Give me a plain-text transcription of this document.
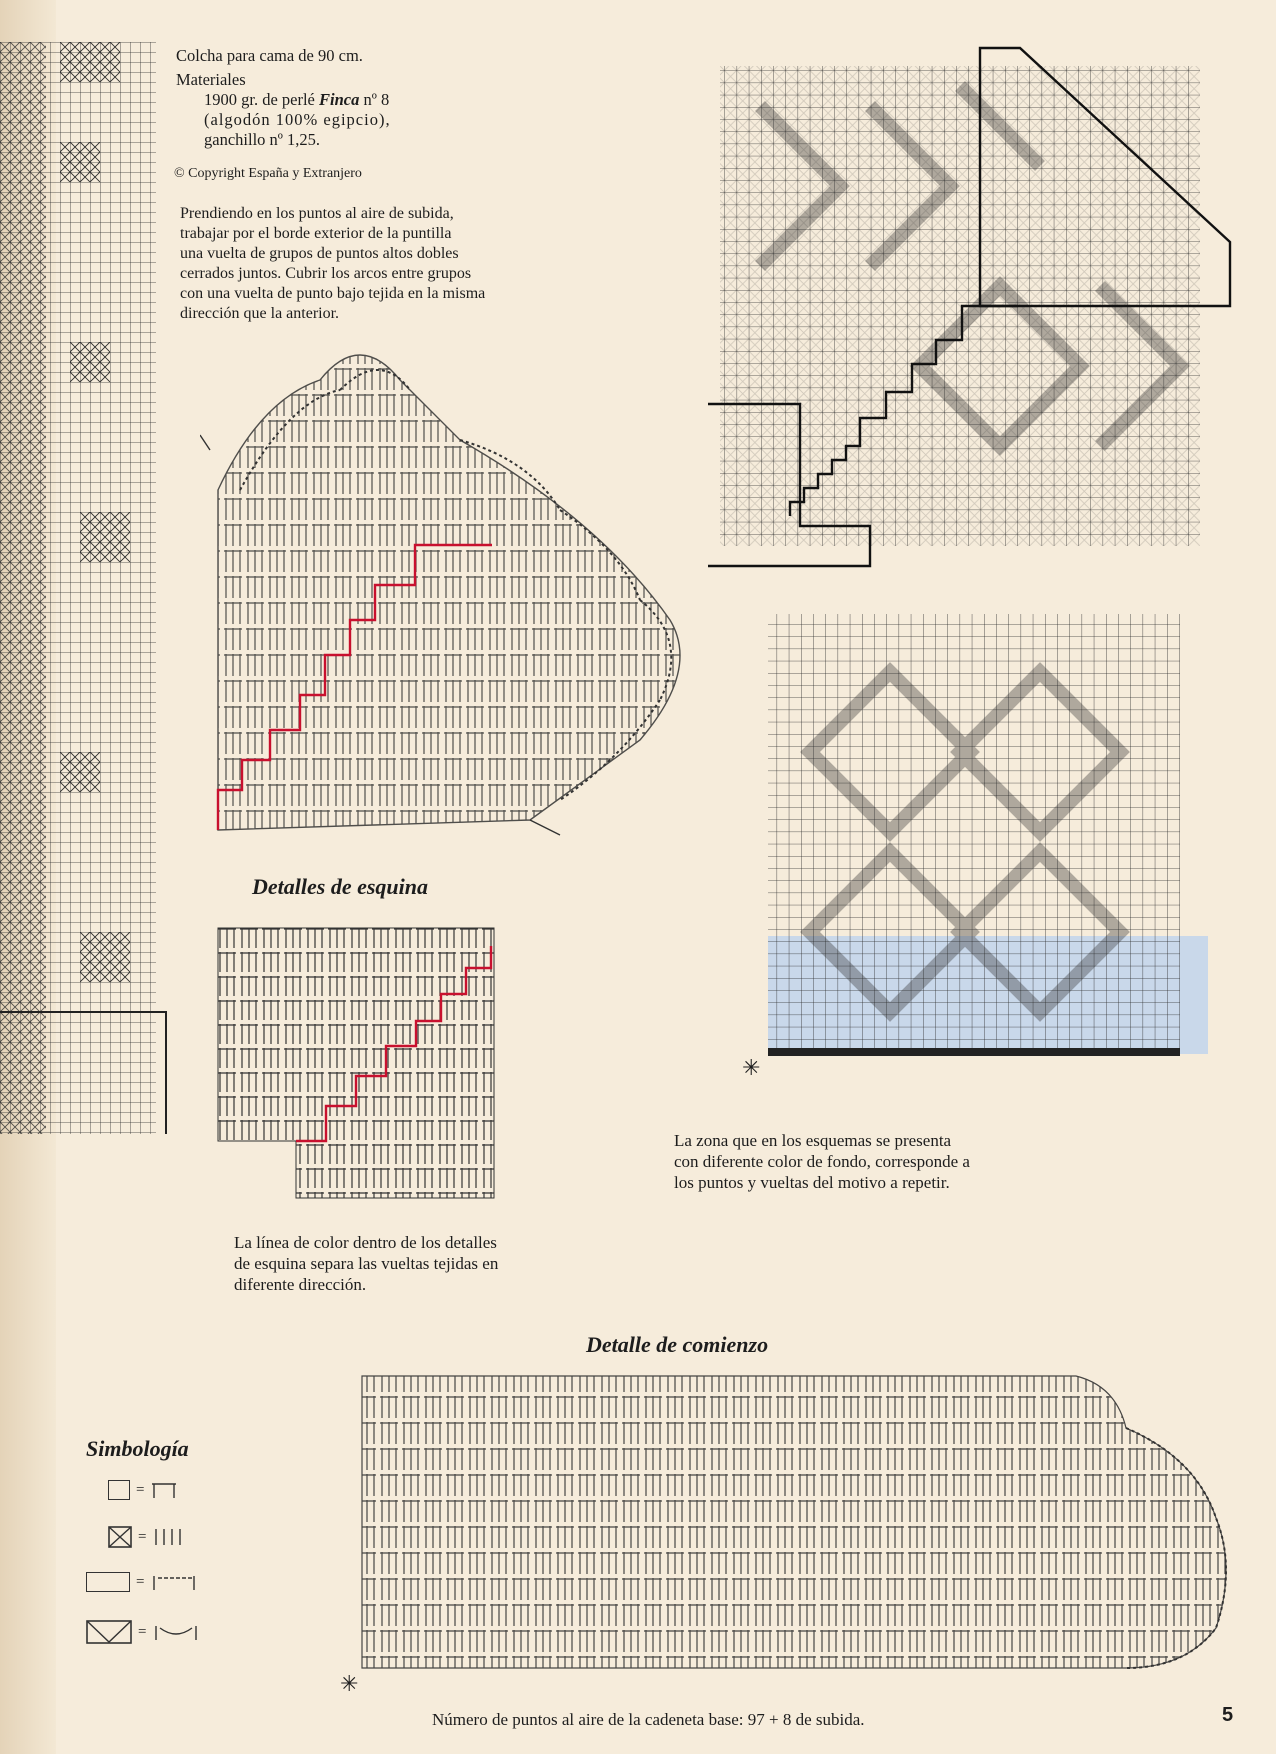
Colcha para cama de 90 cm.
Materiales
1900 gr. de perlé Finca nº 8
(algodón 100% egipcio),
ganchillo nº 1,25.
© Copyright España y Extranjero
Prendiendo en los puntos al aire de subida,
trabajar por el borde exterior de la puntilla
una vuelta de grupos de puntos altos dobles
cerrados juntos. Cubrir los arcos entre grupos
con una vuelta de punto bajo tejida en la misma
dirección que la anterior.
Detalles de esquina
La línea de color dentro de los detalles
de esquina separa las vueltas tejidas en
diferente dirección.
✳
La zona que en los esquemas se presenta
con diferente color de fondo, corresponde a
los puntos y vueltas del motivo a repetir.
Detalle de comienzo
✳
Simbología
=
=
=
=
Número de puntos al aire de la cadeneta base: 97 + 8 de subida.	5
